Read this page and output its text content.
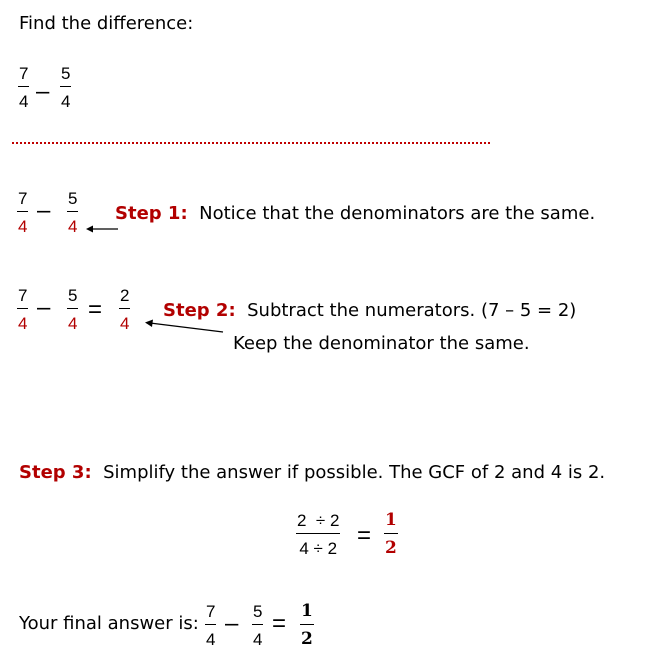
Find the difference:
7
4 –
5
4
7
4
– 5
4
Step 1: Notice that the denominators are the same.
7
4
– 5
4
=
2
4
Step 2: Subtract the numerators. (7 – 5 = 2)
Keep the denominator the same.
Step 3: Simplify the answer if possible. The GCF of 2 and 4 is 2.
2  ÷ 2
4 ÷ 2 =
1
2
Your final answer is:
7
4
– 5
4
= 1
2
